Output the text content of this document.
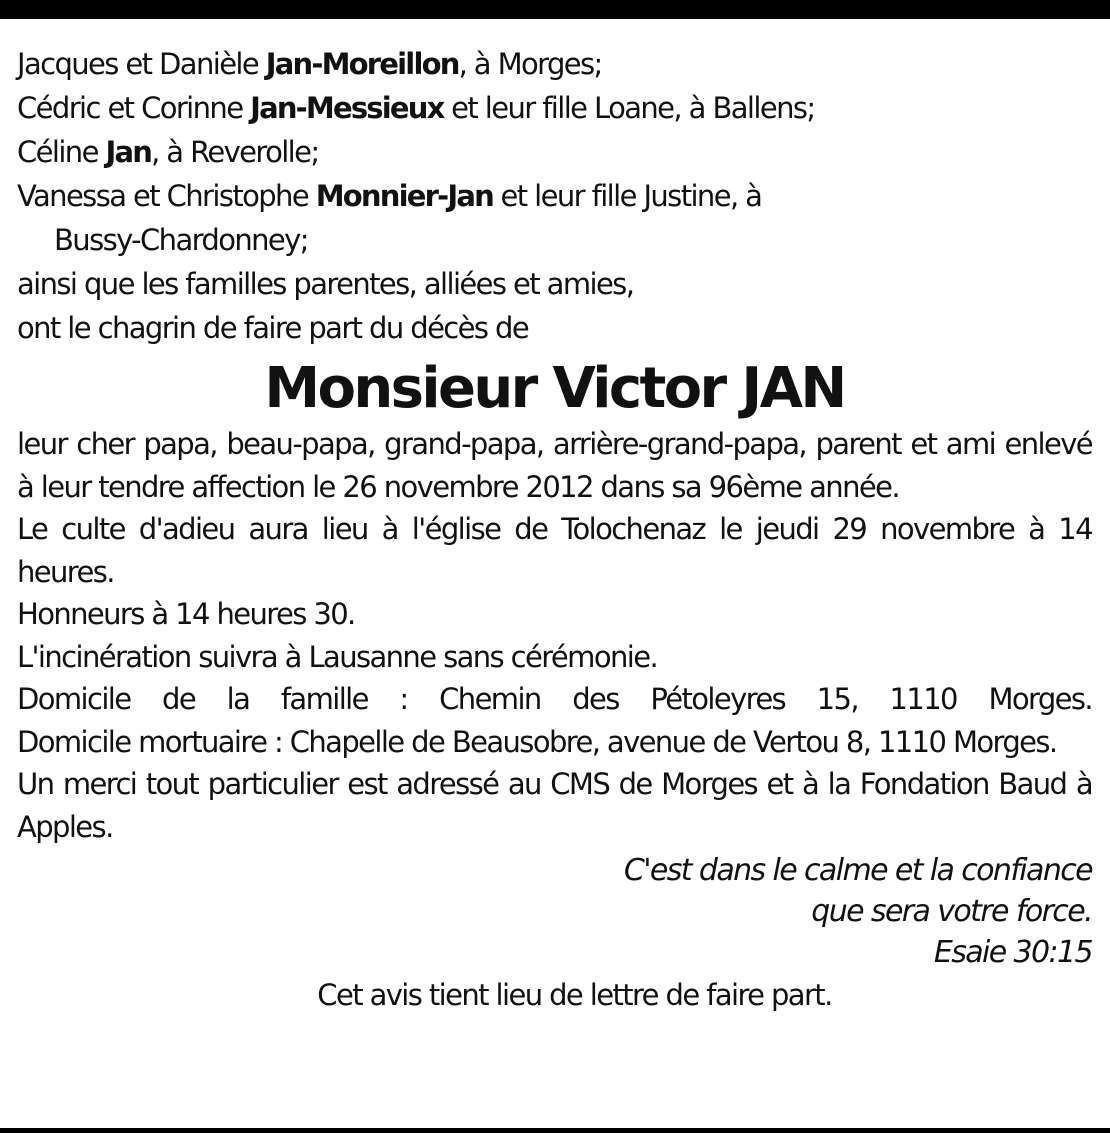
Jacques et Danièle Jan-Moreillon, à Morges;
Cédric et Corinne Jan-Messieux et leur fille Loane, à Ballens;
Céline Jan, à Reverolle;
Vanessa et Christophe Monnier-Jan et leur fille Justine, à
Bussy-Chardonney;
ainsi que les familles parentes, alliées et amies,
ont le chagrin de faire part du décès de
Monsieur Victor JAN
leur cher papa, beau-papa, grand-papa, arrière-grand-papa, parent et ami enlevé à leur tendre affection le 26 novembre 2012 dans sa 96ème année.
Le culte d'adieu aura lieu à l'église de Tolochenaz le jeudi 29 novembre à 14 heures.
Honneurs à 14 heures 30.
L'incinération suivra à Lausanne sans cérémonie.
Domicile de la famille : Chemin des Pétoleyres 15, 1110 Morges.
Domicile mortuaire : Chapelle de Beausobre, avenue de Vertou 8, 1110 Morges.
Un merci tout particulier est adressé au CMS de Morges et à la Fondation Baud à Apples.
C'est dans le calme et la confiance
que sera votre force.
Esaie 30:15
Cet avis tient lieu de lettre de faire part.
